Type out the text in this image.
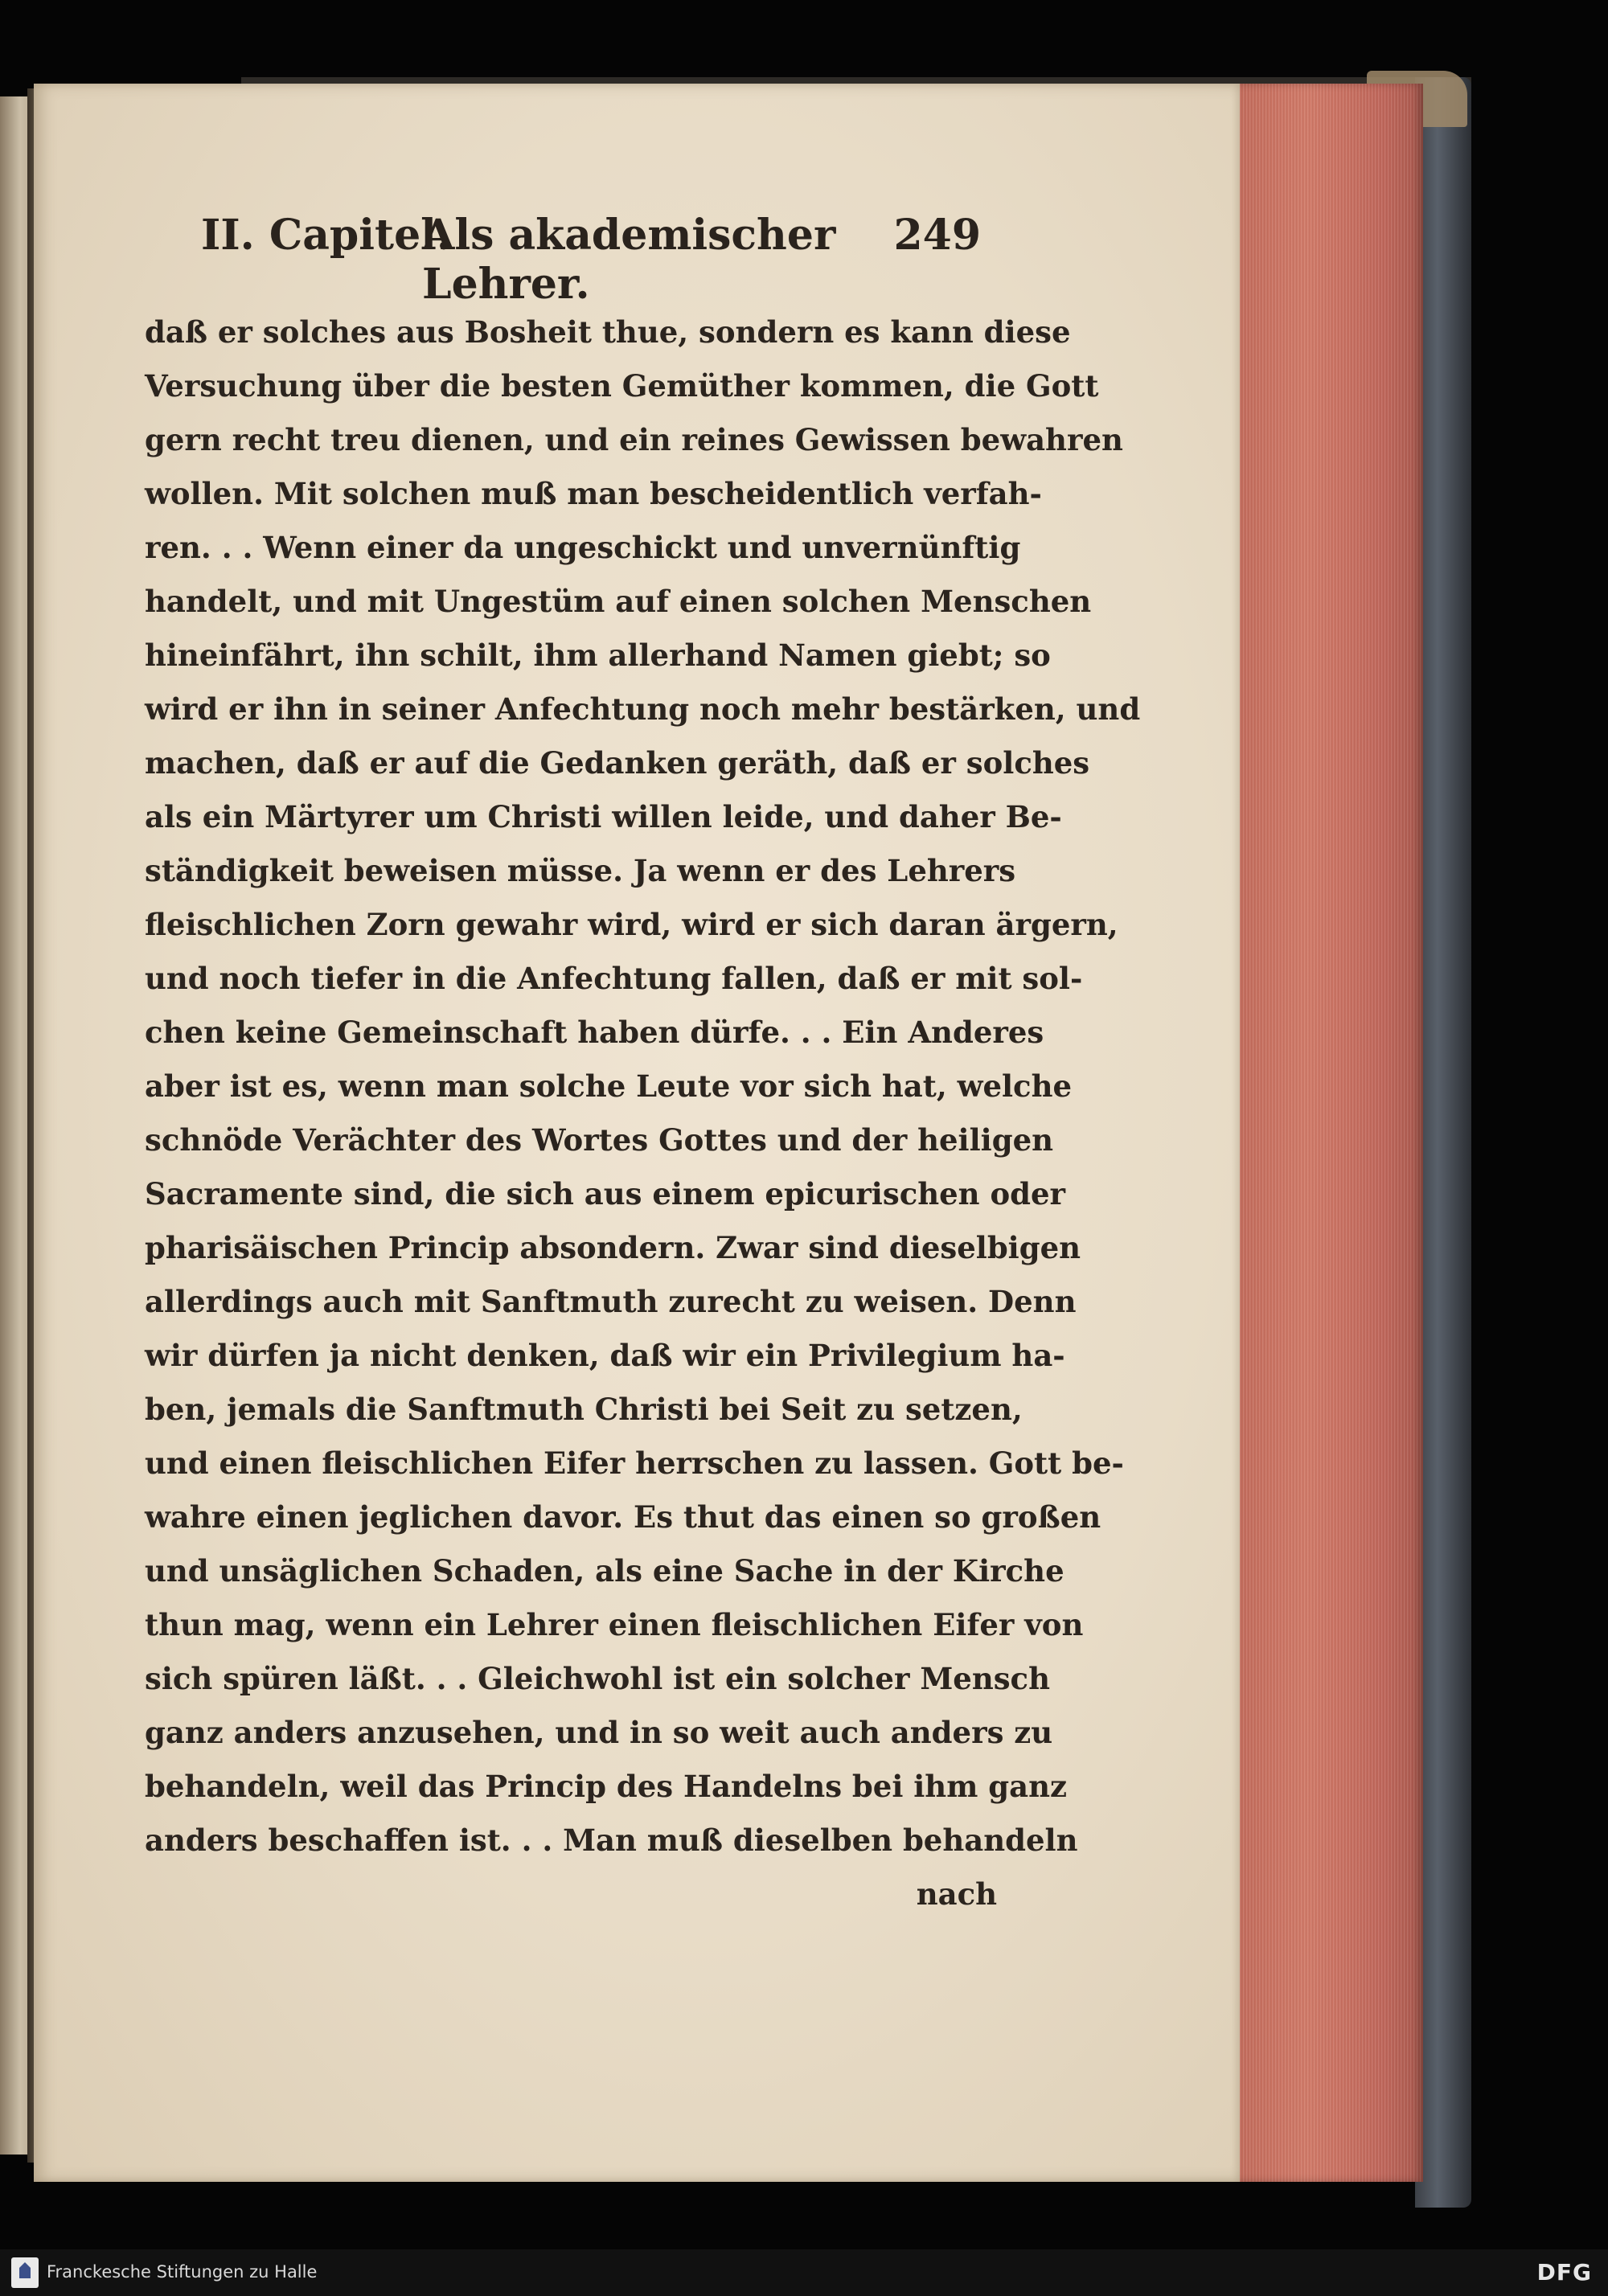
II. Capitel.
Als akademischer Lehrer.
249
daß er solches aus Bosheit thue, sondern es kann diese
Versuchung über die besten Gemüther kommen, die Gott
gern recht treu dienen, und ein reines Gewissen bewahren
wollen. Mit solchen muß man bescheidentlich verfah-
ren. . . Wenn einer da ungeschickt und unvernünftig
handelt, und mit Ungestüm auf einen solchen Menschen
hineinfährt, ihn schilt, ihm allerhand Namen giebt; so
wird er ihn in seiner Anfechtung noch mehr bestärken, und
machen, daß er auf die Gedanken geräth, daß er solches
als ein Märtyrer um Christi willen leide, und daher Be-
ständigkeit beweisen müsse. Ja wenn er des Lehrers
fleischlichen Zorn gewahr wird, wird er sich daran ärgern,
und noch tiefer in die Anfechtung fallen, daß er mit sol-
chen keine Gemeinschaft haben dürfe. . . Ein Anderes
aber ist es, wenn man solche Leute vor sich hat, welche
schnöde Verächter des Wortes Gottes und der heiligen
Sacramente sind, die sich aus einem epicurischen oder
pharisäischen Princip absondern. Zwar sind dieselbigen
allerdings auch mit Sanftmuth zurecht zu weisen. Denn
wir dürfen ja nicht denken, daß wir ein Privilegium ha-
ben, jemals die Sanftmuth Christi bei Seit zu setzen,
und einen fleischlichen Eifer herrschen zu lassen. Gott be-
wahre einen jeglichen davor. Es thut das einen so großen
und unsäglichen Schaden, als eine Sache in der Kirche
thun mag, wenn ein Lehrer einen fleischlichen Eifer von
sich spüren läßt. . . Gleichwohl ist ein solcher Mensch
ganz anders anzusehen, und in so weit auch anders zu
behandeln, weil das Princip des Handelns bei ihm ganz
anders beschaffen ist. . . Man muß dieselben behandeln
nach
Franckesche Stiftungen zu Halle	DFG
